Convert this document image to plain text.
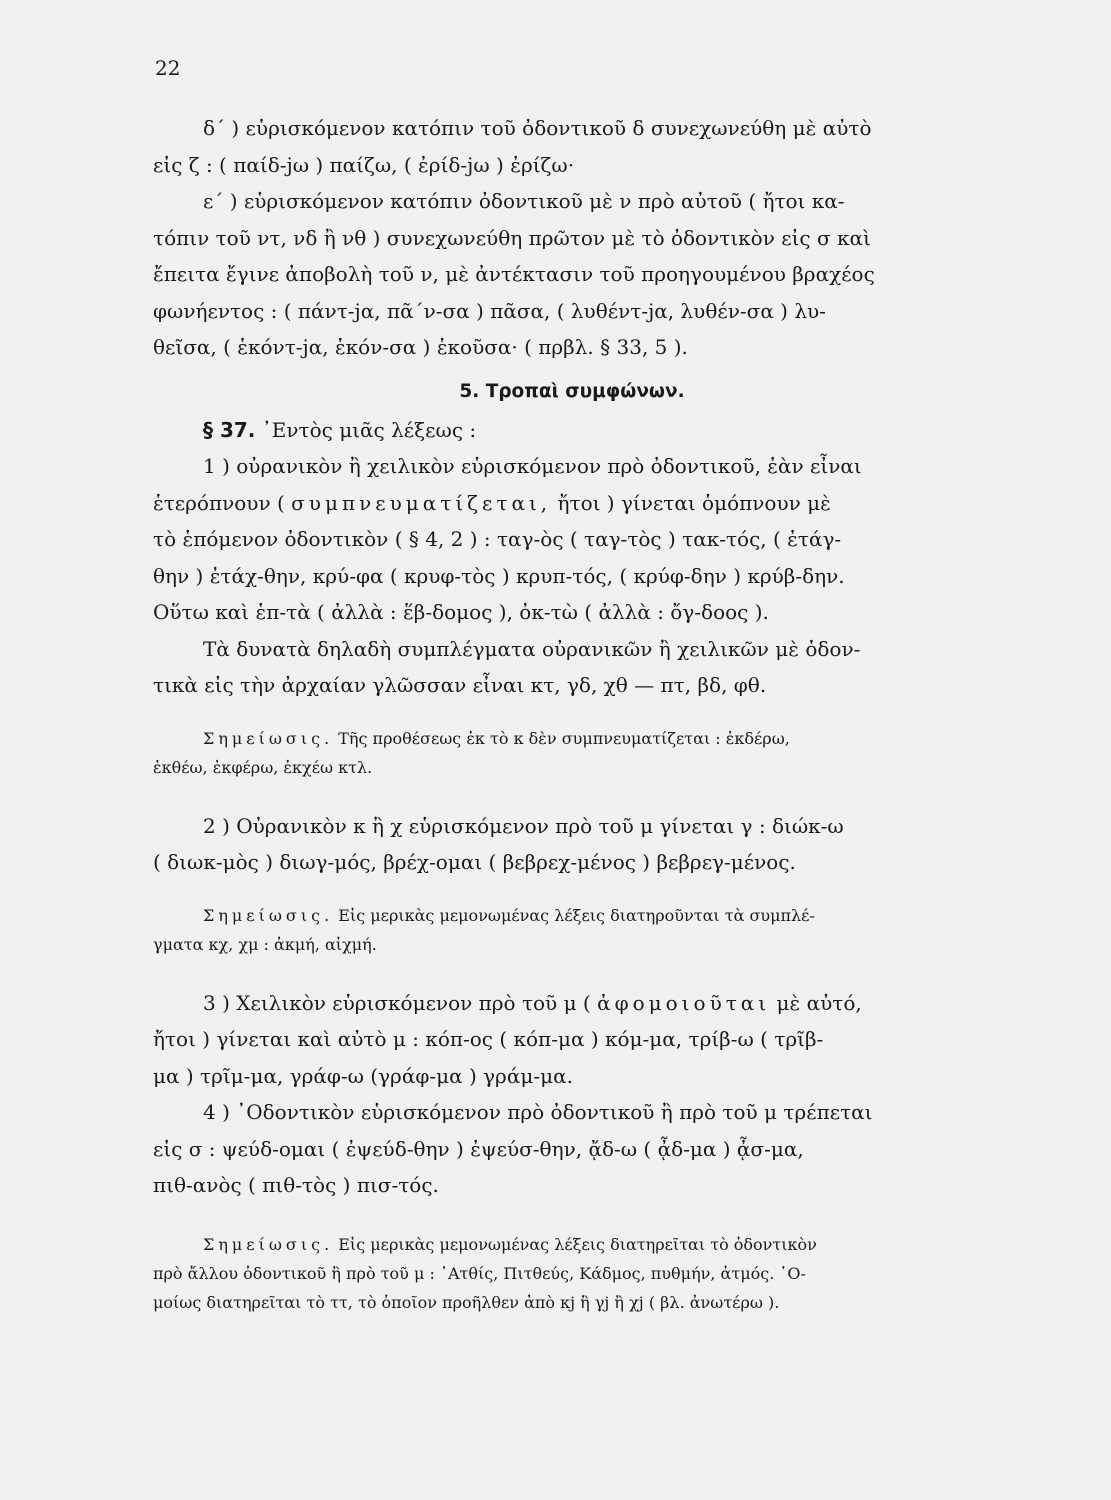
22

δ΄ ) εὑρισκόμενον κατόπιν τοῦ ὀδοντικοῦ δ συνεχωνεύθη μὲ αὐτὸ

εἰς ζ : ( παίδ-jω ) παίζω, ( ἐρίδ-jω ) ἐρίζω·

ε΄ ) εὑρισκόμενον κατόπιν ὀδοντικοῦ μὲ ν πρὸ αὐτοῦ ( ἤτοι κα-

τόπιν τοῦ ντ, νδ ἢ νθ ) συνεχωνεύθη πρῶτον μὲ τὸ ὀδοντικὸν εἰς σ καὶ

ἔπειτα ἔγινε ἀποβολὴ τοῦ ν, μὲ ἀντέκτασιν τοῦ προηγουμένου βραχέος

φωνήεντος : ( πάντ-jα, πᾶ΄ν-σα ) πᾶσα, ( λυθέντ-jα, λυθέν-σα ) λυ-

θεῖσα, ( ἑκόντ-jα, ἑκόν-σα ) ἑκοῦσα· ( πρβλ. § 33, 5 ).

5. Τροπαὶ συμφώνων.

§ 37. ᾿Εντὸς μιᾶς λέξεως :

1 ) οὐρανικὸν ἢ χειλικὸν εὑρισκόμενον πρὸ ὀδοντικοῦ, ἐὰν εἶναι

ἑτερόπνουν ( συμπνευματίζεται, ἤτοι ) γίνεται ὁμόπνουν μὲ

τὸ ἑπόμενον ὀδοντικὸν ( § 4, 2 ) : ταγ-ὸς ( ταγ-τὸς ) τακ-τός, ( ἐτάγ-

θην ) ἐτάχ-θην, κρύ-φα ( κρυφ-τὸς ) κρυπ-τός, ( κρύφ-δην ) κρύβ-δην.

Οὕτω καὶ ἑπ-τὰ ( ἀλλὰ : ἕβ-δομος ), ὀκ-τὼ ( ἀλλὰ : ὄγ-δοος ).

Τὰ δυνατὰ δηλαδὴ συμπλέγματα οὐρανικῶν ἢ χειλικῶν μὲ ὀδον-

τικὰ εἰς τὴν ἀρχαίαν γλῶσσαν εἶναι κτ, γδ, χθ — πτ, βδ, φθ.

Σημείωσις. Τῆς προθέσεως ἐκ τὸ κ δὲν συμπνευματίζεται : ἐκδέρω,

ἐκθέω, ἐκφέρω, ἐκχέω κτλ.

2 ) Οὐρανικὸν κ ἢ χ εὑρισκόμενον πρὸ τοῦ μ γίνεται γ : διώκ-ω

( διωκ-μὸς ) διωγ-μός, βρέχ-ομαι ( βεβρεχ-μένος ) βεβρεγ-μένος.

Σημείωσις. Εἰς μερικὰς μεμονωμένας λέξεις διατηροῦνται τὰ συμπλέ-

γματα κχ, χμ : ἀκμή, αἰχμή.

3 ) Χειλικὸν εὑρισκόμενον πρὸ τοῦ μ ( ἀφομοιοῦται μὲ αὐτό,

ἤτοι ) γίνεται καὶ αὐτὸ μ : κόπ-ος ( κόπ-μα ) κόμ-μα, τρίβ-ω ( τρῖβ-

μα ) τρῖμ-μα, γράφ-ω (γράφ-μα ) γράμ-μα.

4 ) ᾿Οδοντικὸν εὑρισκόμενον πρὸ ὀδοντικοῦ ἢ πρὸ τοῦ μ τρέπεται

εἰς σ : ψεύδ-ομαι ( ἐψεύδ-θην ) ἐψεύσ-θην, ᾄδ-ω ( ᾆδ-μα ) ᾆσ-μα,

πιθ-ανὸς ( πιθ-τὸς ) πισ-τός.

Σημείωσις. Εἰς μερικὰς μεμονωμένας λέξεις διατηρεῖται τὸ ὀδοντικὸν

πρὸ ἄλλου ὀδοντικοῦ ἢ πρὸ τοῦ μ : ᾿Ατθίς, Πιτθεύς, Κάδμος, πυθμήν, ἀτμός. ῾Ο-

μοίως διατηρεῖται τὸ ττ, τὸ ὁποῖον προῆλθεν ἀπὸ κj ἢ γj ἢ χj ( βλ. ἀνωτέρω ).
